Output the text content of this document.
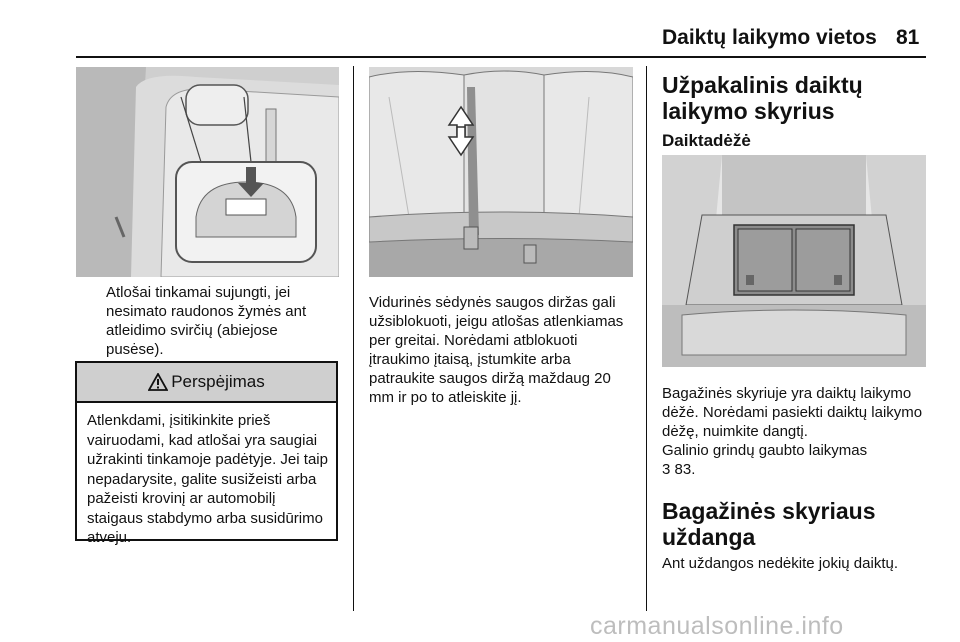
Daiktų laikymo vietos 81

Atlošai tinkamai sujungti, jei nesimato raudonos žymės ant atleidimo svirčių (abiejose pusėse).

Perspėjimas

Atlenkdami, įsitikinkite prieš vairuodami, kad atlošai yra saugiai užrakinti tinkamoje padėtyje. Jei taip nepadarysite, galite susižeisti arba pažeisti krovinį ar automobilį staigaus stabdymo arba susidūrimo atveju.

Vidurinės sėdynės saugos diržas gali užsiblokuoti, jeigu atlošas atlenkiamas per greitai. Norėdami atblokuoti įtraukimo įtaisą, įstumkite arba patraukite saugos diržą maždaug 20 mm ir po to atleiskite jį.

Užpakalinis daiktų laikymo skyrius
Daiktadėžė

Bagažinės skyriuje yra daiktų laikymo dėžė. Norėdami pasiekti daiktų laikymo dėžę, nuimkite dangtį.

Galinio grindų gaubto laikymas

3 83.

Bagažinės skyriaus uždanga

Ant uždangos nedėkite jokių daiktų.

carmanualsonline.info
